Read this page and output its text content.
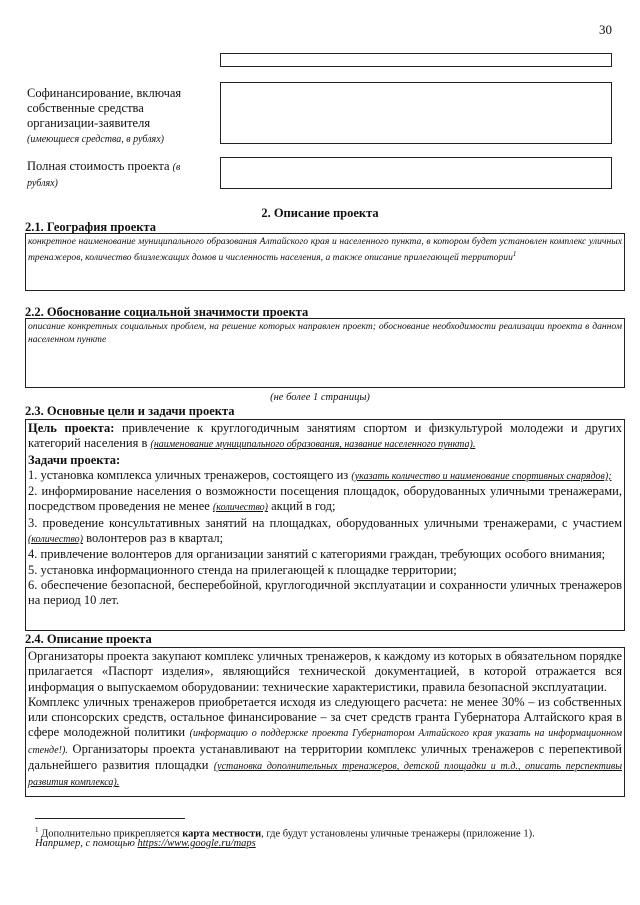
30
Софинансирование, включая собственные средства организации-заявителя
(имеющиеся средства, в рублях)
Полная стоимость проекта (в
рублях)
2. Описание проекта
2.1. География проекта
конкретное наименование муниципального образования Алтайского края и населенного пункта, в котором будет установлен комплекс уличных тренажеров, количество близлежащих домов и численность населения, а также описание прилегающей территории$^1$
2.2. Обоснование социальной значимости проекта
описание конкретных социальных проблем, на решение которых направлен проект; обоснование необходимости реализации проекта в данном населенном пункте
(не более 1 страницы)
2.3. Основные цели и задачи проекта
Цель проекта: привлечение к круглогодичным занятиям спортом и физкультурой молодежи и других категорий населения в (наименование муниципального образования, название населенного пункта).
Задачи проекта:
1. установка комплекса уличных тренажеров, состоящего из (указать количество и наименование спортивных снарядов);
2. информирование населения о возможности посещения площадок, оборудованных уличными тренажерами, посредством проведения не менее (количество) акций в год;
3. проведение консультативных занятий на площадках, оборудованных уличными тренажерами, с участием (количество) волонтеров раз в квартал;
4. привлечение волонтеров для организации занятий с категориями граждан, требующих особого внимания;
5. установка информационного стенда на прилегающей к площадке территории;
6. обеспечение безопасной, бесперебойной, круглогодичной эксплуатации и сохранности уличных тренажеров на период 10 лет.
2.4. Описание проекта
Организаторы проекта закупают комплекс уличных тренажеров, к каждому из которых в обязательном порядке прилагается «Паспорт изделия», являющийся технической документацией, в которой отражается вся информация о выпускаемом оборудовании: технические характеристики, правила безопасной эксплуатации.
Комплекс уличных тренажеров приобретается исходя из следующего расчета: не менее 30% – из собственных или спонсорских средств, остальное финансирование – за счет средств гранта Губернатора Алтайского края в сфере молодежной политики (информацию о поддержке проекта Губернатором Алтайского края указать на информационном стенде!). Организаторы проекта устанавливают на территории комплекс уличных тренажеров с перепективой дальнейшего развития площадки (установка дополнительных тренажеров, детской площадки и т.д., описать перспективы развития комплекса).
$^1$ Дополнительно прикрепляется карта местности, где будут установлены уличные тренажеры (приложение 1).
Например, с помощью https://www.google.ru/maps
